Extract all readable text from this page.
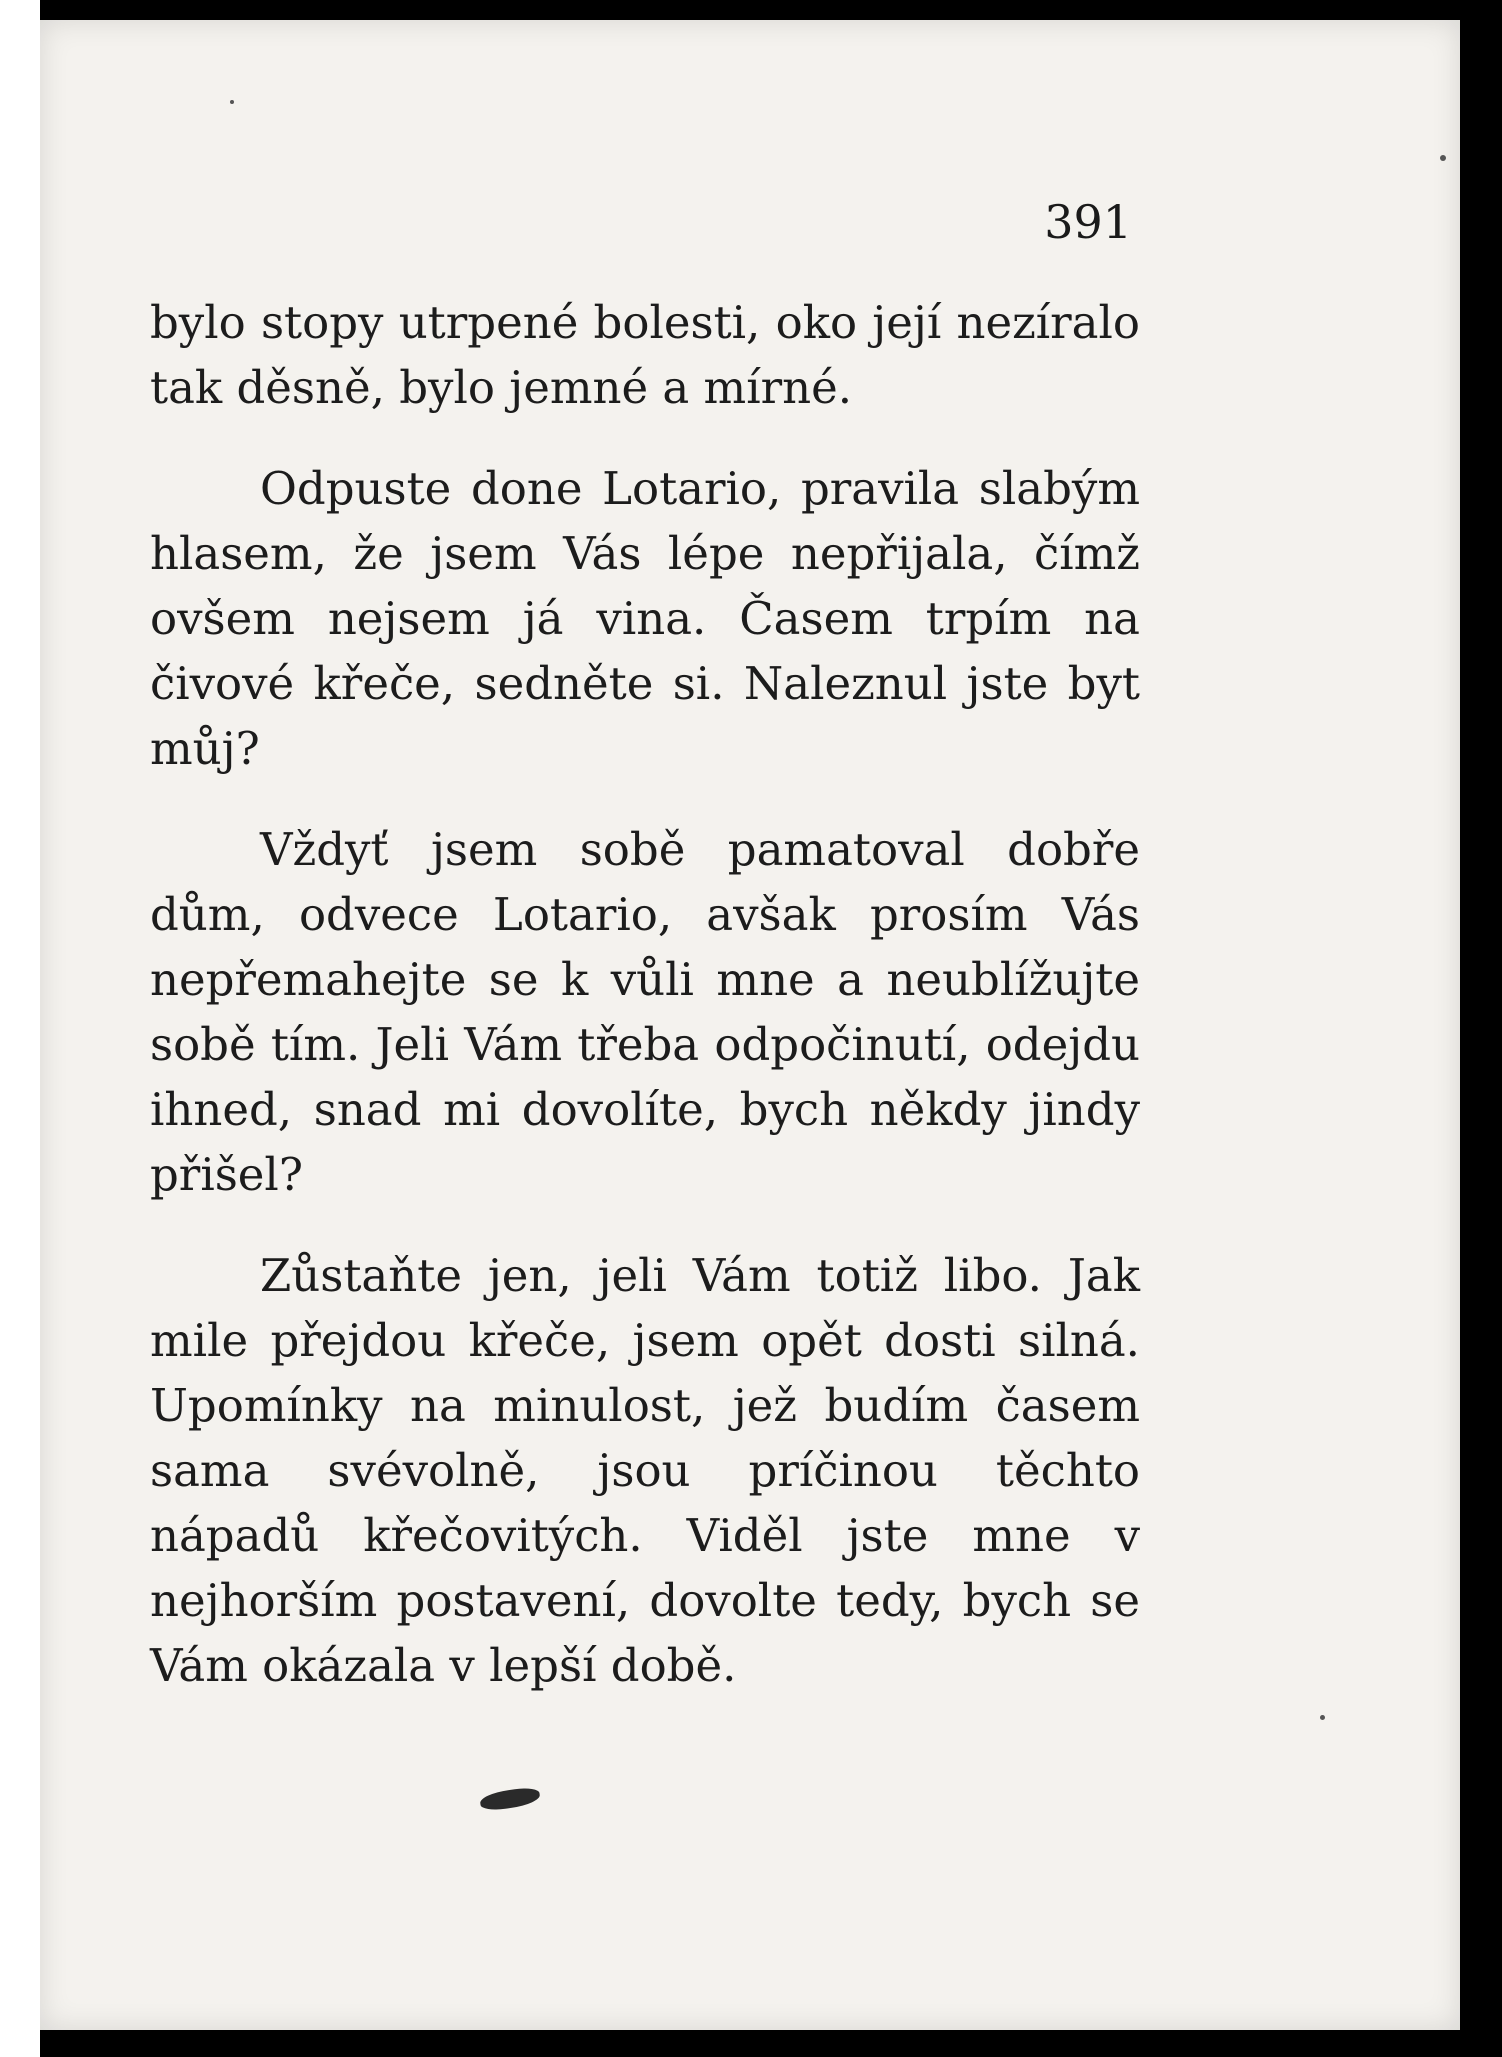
391

bylo stopy utrpené bolesti, oko její nezíralo tak děsně, bylo jemné a mírné.

Odpuste done Lotario, pravila slabým hlasem, že jsem Vás lépe nepřijala, čímž ovšem nejsem já vina. Časem trpím na čivové křeče, sedněte si. Naleznul jste byt můj?

Vždyť jsem sobě pamatoval dobře dům, odvece Lotario, avšak prosím Vás nepřemahejte se k vůli mne a neublížujte sobě tím. Jeli Vám třeba odpočinutí, odejdu ihned, snad mi dovolíte, bych někdy jindy přišel?

Zůstaňte jen, jeli Vám totiž libo. Jak mile přejdou křeče, jsem opět dosti silná. Upomínky na minulost, jež budím časem sama svévolně, jsou príčinou těchto nápadů křečovitých. Viděl jste mne v nejhorším postavení, dovolte tedy, bych se Vám okázala v lepší době.
